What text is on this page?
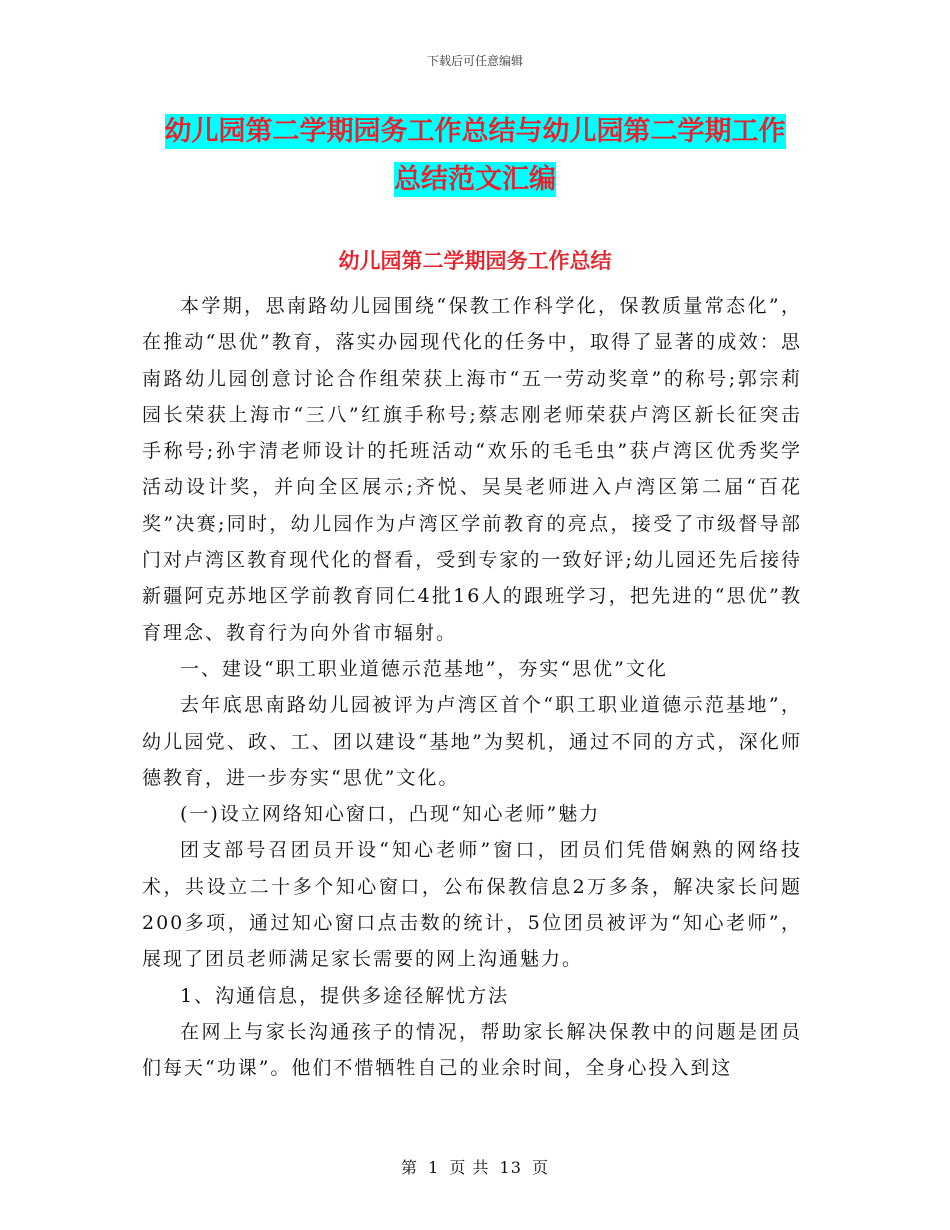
下载后可任意编辑
幼儿园第二学期园务工作总结与幼儿园第二学期工作
总结范文汇编
幼儿园第二学期园务工作总结

本学期，思南路幼儿园围绕“保教工作科学化，保教质量常态化”，在推动“思优”教育，落实办园现代化的任务中，取得了显著的成效：思南路幼儿园创意讨论合作组荣获上海市“五一劳动奖章”的称号;郭宗莉园长荣获上海市“三八”红旗手称号;蔡志刚老师荣获卢湾区新长征突击手称号;孙宇清老师设计的托班活动“欢乐的毛毛虫”获卢湾区优秀奖学活动设计奖，并向全区展示;齐悦、吴昊老师进入卢湾区第二届“百花奖”决赛;同时，幼儿园作为卢湾区学前教育的亮点，接受了市级督导部门对卢湾区教育现代化的督看，受到专家的一致好评;幼儿园还先后接待新疆阿克苏地区学前教育同仁4批16人的跟班学习，把先进的“思优”教育理念、教育行为向外省市辐射。

一、建设“职工职业道德示范基地”，夯实“思优”文化

去年底思南路幼儿园被评为卢湾区首个“职工职业道德示范基地”，幼儿园党、政、工、团以建设“基地”为契机，通过不同的方式，深化师德教育，进一步夯实“思优”文化。

(一)设立网络知心窗口，凸现“知心老师”魅力

团支部号召团员开设“知心老师”窗口，团员们凭借娴熟的网络技术，共设立二十多个知心窗口，公布保教信息2万多条，解决家长问题200多项，通过知心窗口点击数的统计，5位团员被评为“知心老师”，展现了团员老师满足家长需要的网上沟通魅力。

1、沟通信息，提供多途径解忧方法

在网上与家长沟通孩子的情况，帮助家长解决保教中的问题是团员们每天“功课”。他们不惜牺牲自己的业余时间，全身心投入到这

第 1 页 共 13 页
